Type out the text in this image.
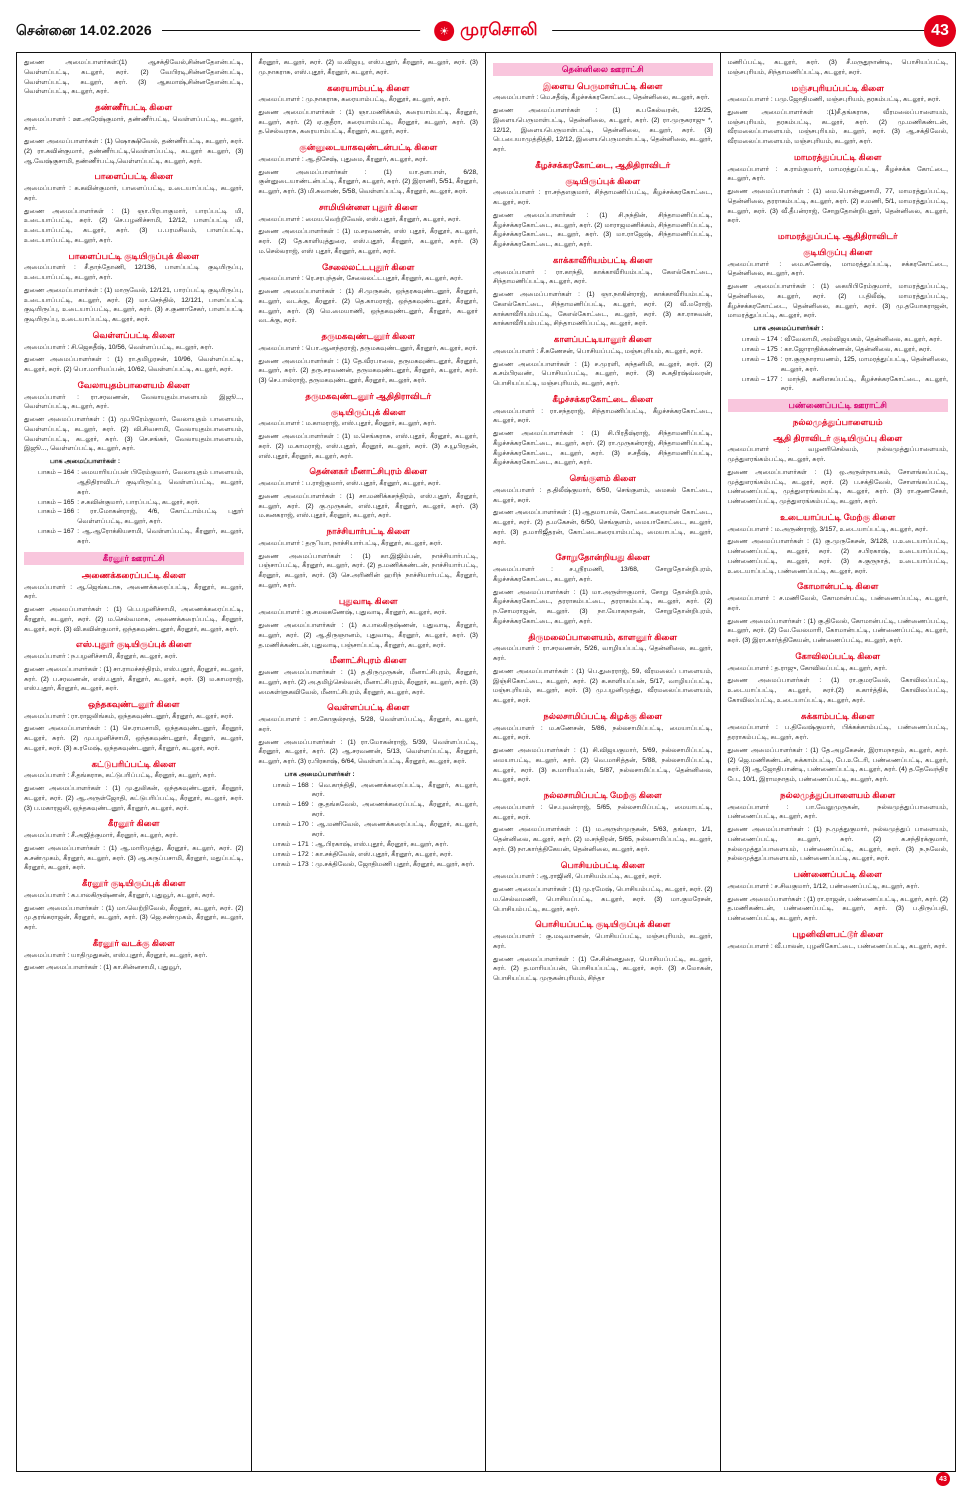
சென்னை 14.02.2026	☀ முரசொலி	43
துணை அமைப்பாளர்கள்:(1) ஆசக்திவேல்,சின்னதேஎன்பட்டி, வெள்ளப்பட்டி, கடலூர், சுரர். (2) வேபிரடி,சின்னதேஎன்பட்டி, வெள்ளப்பட்டி, கடலூர், சுரர். (3) ஆகமாஷ்,சின்னதேஎன்பட்டி, வெள்ளப்பட்டி, கடலூர், சுரர்.
தண்ணீர்பட்டி கிளை
அமைப்பாளர் : ஊ.அரேஷ்குமார், தண்ணீர்பட்டி, வெள்ளப்பட்டி, கடலூர், சுரர்.
துணை அமைப்பாளர்கள் : (1) ஷொக்ஷிவேல், தண்ணீர்பட்டி, கடலூர், சுரர். (2) ரா.கவின்குமார், தண்ணீர்பட்டி,வெள்ளப்பட்டி, கடலூர் கடலூர், (3) ஆ.வேஷ்குசாமி, தண்ணீர்பட்டி,வெள்ளப்பட்டி, கடலூர், சுரர்.
பாளைப்பட்டி கிளை
அமைப்பாளர் : க.கவின்குமார், பாளைப்பட்டி, உடையாப்பட்டி, கடலூர், சுரர்.
துணை அமைப்பாளர்கள் : (1) ஞா.பிரபாகுமார், பாரப்பட்டி மி, உடையாப்பட்டி, சுரர். (2) செ.பழனிச்சாமி, 12/12, பாளப்பட்டி மி, உடையாப்பட்டி, கடலூர், சுரர். (3) ப.பரமசிவம், பாளப்பட்டி, உடையாப்பட்டி, கடலூர், சுரர்.
பாளைப்பட்டி குடியிருப்புக் கிளை
அமைப்பாளர் : சீ.தாந்தோணி, 12/136, பாளப்பட்டி குடியிருப்பு, உடையாப்பட்டி, கடலூர், சுரர்.
துணை அமைப்பாளர்கள் : (1) மாருவேல், 12/121, பாரப்பட்டி குடியிருப்பு, உடையாப்பட்டி, கடலூர், சுரர். (2) மா.செந்தில், 12/121, பாளப்பட்டி குடியிருப்பு, உடையாப்பட்டி, கடலூர், சுரர். (3) ச.குணாசேகர், பாளப்பட்டி குடியிருப்பு, உடையாப்பட்டி, கடலூர், சுரர்.
வெள்ளப்பட்டி கிளை
அமைப்பாளர் : சி.ஜெகதீஷ், 10/56, வெள்ளப்பட்டி, கடலூர், சுரர்.
துணை அமைப்பாளர்கள் : (1) ரா.தமிழரசன், 10/96, வெள்ளப்பட்டி, கடலூர், சுரர். (2) பொ.மாரியப்பன், 10/62, வெள்ளப்பட்டி, கடலூர், சுரர்.
வேலாயுதம்பாளையம் கிளை
அமைப்பாளர் : ரா.சரவணன், வேலாயுதம்பாளையம் இஜூ..., வெள்ளப்பட்டி, கடலூர், சுரர்.
துணை அமைப்பாளர்கள் : (1) மு.பிரேம்குமார், வேலாயுதம் பாளையம், வெள்ளப்பட்டி, கடலூர், சுரர். (2) வி.சிவசாமி, வேலாயுதம்பாளையம், வெள்ளப்பட்டி, கடலூர், சுரர். (3) செ.சங்கர், வேலாயுதம்பாளையம், இஜூ..., வெள்ளப்பட்டி, கடலூர், சுரர்.
பாக அமைப்பாளர்கள் :
பாகம் – 164 : மையாரியப்பன் பிரேம்குமார், வேலாயுதம் பாளையம், ஆதிதிராவிடர் குடியிருப்பு, வெள்ளப்பட்டி, கடலூர், சுரர்.
பாகம் – 165 : ச.கவின்குமார், பாரப்பட்டி, கடலூர், சுரர்.
பாகம் – 166 : ரா.மோகன்ராஜ், 4/6, கோட்டாம்பட்டி புதூர் வெள்ளப்பட்டி, கடலூர், சுரர்.
பாகம் – 167 : ஆ.ஆரோக்கியசாமி, வெள்ளப்பட்டி, கீரனூர், கடலூர், சுரர்.
கீரனூர் ஊராட்சி
அணைக்கரைப்பட்டி கிளை
அமைப்பாளர் : ஆ.ஜெங்கடாசு, அணைக்கரைப்பட்டி, கீரனூர், கடலூர், சுரர்.
துணை அமைப்பாளர்கள் : (1) பெ.பழனிச்சாமி, அணைக்கரைப்பட்டி, கீரனூர், கடலூர், சுரர். (2) ம.செல்வமாசு, அணைக்கரைப்பட்டி, கீரனூர், கடலூர், சுரர். (3) வி.கவின்குமார், ஒந்தகவுண்டனூர், கீரனூர், கடலூர், சுரர்.
எஸ்.புதூர் குடியிருப்புக் கிளை
அமைப்பாளர் : ந.பழனிச்சாமி, கீரனூர், கடலூர், சுரர்.
துணை அமைப்பாளர்கள் : (1) சா.ராமச்சந்திரம், எஸ்.புதூர், கீரனூர், கடலூர், சுரர். (2) ப.சரவணன், எஸ்.புதூர், கீரனூர், கடலூர், சுரர். (3) ம.காமராஜ், எஸ்.புதூர், கீரனூர், கடலூர், சுரர்.
ஒந்தகவுண்டனூர் கிளை
அமைப்பாளர் : ரா.ராஜலிங்கம், ஒந்தகவுண்டனூர், கீரனூர், கடலூர், சுரர்.
துணை அமைப்பாளர்கள் : (1) செ.ராமசாமி, ஒந்தகவுண்டனூர், கீரனூர், கடலூர், சுரர். (2) மு.பழனிச்சாமி, ஒந்தகவுண்டனூர், கீரனூர், கடலூர், கடலூர், சுரர். (3) க.ரமேஷ், ஒந்தகவுண்டனூர், கீரனூர், கடலூர், சுரர்.
கட்டுபரிப்பட்டி கிளை
அமைப்பாளர் : சீ.தங்கராசு, கட்டுபரிப்பட்டி, கீரனூர், கடலூர், சுரர்.
துணை அமைப்பாளர்கள் : (1) மு.துலிகன், ஒந்தகவுண்டனூர், கீரனூர், கடலூர், சுரர். (2) ஆ.அருள்ஜோதி, கட்டுபரிப்பட்டி, கீரனூர், கடலூர், சுரர். (3) ப.மகாரஜலி, ஒந்தகவுண்டனூர், கீரனூர், கடலூர், சுரர்.
கீரனூர் கிளை
அமைப்பாளர் : சீ.அஜித்குமார், கீரனூர், கடலூர், சுரர்.
துணை அமைப்பாளர்கள் : (1) ஆ.மாரிமுத்து, கீரனூர், கடலூர், சுரர். (2) சு.சண்முகம், கீரனூர், கடலூர், சுரர். (3) ஆ.கருப்பசாமி, கீரனூர், மதுப்பட்டி, கீரனூர், கடலூர், சுரர்.
கீரனூர் குடியிருப்புக் கிளை
அமைப்பாளர் : க.பாலகிருஷ்ணன், கீரனூர், புதுவூர், கடலூர், சுரர்.
துணை அமைப்பாளர்கள் : (1) மா.வெற்றிவேல், கீரனூர், கடலூர், சுரர். (2) மு.தரங்கராஜன், கீரனூர், கடலூர், சுரர். (3) ஜெ.சண்முகம், கீரனூர், கடலூர், சுரர்.
கீரனூர் வடக்கு கிளை
அமைப்பாளர் : யாதிமுதுகன், எஸ்.புதூர், கீரனூர், கடலூர், சுரர்.
துணை அமைப்பாளர்கள் : (1) கா.சின்னசாமி, புதுவூர்,
கீரனூர், கடலூர், சுரர். (2) ம.விஜயு, எஸ்.புதூர், கீரனூர், கடலூர், சுரர். (3) மு.நாகராசு, எஸ்.புதூர், கீரனூர், கடலூர், சுரர்.
கரையாம்பட்டி கிளை
அமைப்பாளர் : மு.நாகராசு, கரையாம்பட்டி, கீரனூர், கடலூர், சுரர்.
துணை அமைப்பாளர்கள் : (1) ஞா.மணிக்கம், கரையாம்பட்டி, கீரனூர், கடலூர், சுரர். (2) ஏ.குதீரா, கரையாம்பட்டி, கீரனூர், கடலூர், சுரர். (3) த.செல்வராசு, கரையாம்பட்டி, கீரனூர், கடலூர், சுரர்.
குன்னுடையாகவுண்டன்பட்டி கிளை
அமைப்பாளர் : ஆ.திசேஷ், புதுமை, கீரனூர், கடலூர், சுரர்.
துணை அமைப்பாளர்கள் : (1) யா.தளபாள், 6/28, குன்னுடையாண்டன்பட்டி, கீரனூர், கடலூர், சுரர். (2) இராணி, 5/51, கீரனூர், கடலூர், சுரர். (3) மி.சுவாண், 5/58, வெள்ளப்பட்டி, கீரனூர், கடலூர், சுரர்.
சாமியின்னள புதூர் கிளை
அமைப்பாளர் : மைய.வெற்றிவேல், எஸ்.புதூர், கீரனூர், கடலூர், சுரர்.
துணை அமைப்பாளர்கள் : (1) ம.சரவணன், எஸ் புதூர், கீரனூர், கடலூர், சுரர். (2) தே.காளியுத்துரை, எஸ்.புதூர், கீரனூர், கடலூர், சுரர். (3) ம.செல்லராஜ், எஸ் புதூர், கீரனூர், கடலூர், சுரர்.
சேலைலட்டபுதூர் கிளை
அமைப்பாளர் : ரெ.சரபுந்தன், சேலைலட்டபுதூர், கீரனூர், கடலூர், சுரர்.
துணை அமைப்பாளர்கள் : (1) சி.முருகன், ஒந்தரகவுண்டனூர், கீரனூர், கடலூர், வடக்கு, கீரனூர். (2) தெ.காமராஜ், ஒந்தகவுண்டனூர், கீரனூர், கடலூர், சுரர். (3) மெ.மையாணி, ஒந்தகவுண்டனூர், கீரனூர், கடலூர் வடக்கு, சுரர்.
தருமகவுண்டனூர் கிளை
அமைப்பாளர் : பொ.ஆனந்தராஜ், தருமகவுண்டனூர், கீரனூர், கடலூர், சுரர்.
துணை அமைப்பாளர்கள் : (1) தே.வீரபாலை, தருமகவுண்டனூர், கீரனூர், கடலூர், சுரர். (2) தரு.சரவணன், தருமகவுண்டனூர், கீரனூர், கடலூர், சுரர். (3) செ.பால்ராஜ், தருமகவுண்டனூர், கீரனூர், கடலூர், சுரர்.
தருமகவுண்டனூர் ஆதிதிராவிடர்
குடியிருப்புக் கிளை
அமைப்பாளர் : ம.காமராஜ், எஸ்.புதூர், கீரனூர், கடலூர், சுரர்.
துணை அமைப்பாளர்கள் : (1) ம.செங்கராசு, எஸ்.புதூர், கீரனூர், கடலூர், சுரர். (2) ம.காமராஜ், எஸ்.புதூர், கீரனூர், கடலூர், சுரர். (3) ச.யூபிரதன், எஸ்.புதூர், கீரனூர், கடலூர், சுரர்.
தென்னகர் மீனாட்சிபுரம் கிளை
அமைப்பாளர் : ப.ராஜ்குமார், எஸ்.புதூர், கீரனூர், கடலூர், சுரர்.
துணை அமைப்பாளர்கள் : (1) சா.மணிக்கசந்திரம், எஸ்.புதூர், கீரனூர், கடலூர், சுரர். (2) கு.முருகன், எஸ்.புதூர், கீரனூர், கடலூர், சுரர். (3) ம.கனகராஜ், எஸ்.புதூர், கீரனூர், கடலூர், சுரர்.
நாச்சியார்பட்டி கிளை
அமைப்பாளர் : தருியா, நாச்சியார்பட்டி, கீரனூர், கடலூர், சுரர்.
துணை அமைப்பாளர்கள் : (1) கா.இஜிம்பன், நாச்சியார்பட்டி, பஞ்சாப்பட்டி, கீரனூர், கடலூர், சுரர். (2) த.மணிக்கண்டன், நாச்சியார்பட்டி, கீரனூர், கடலூர், சுரர். (3) செ.அரிணின் ஹரிந் நாச்சியார்பட்டி, கீரனூர், கடலூர், சுரர்.
புதுவாடி கிளை
அமைப்பாளர் : கு.சமலகணேஷ், புதுவாடி, கீரனூர், கடலூர், சுரர்.
துணை அமைப்பாளர்கள் : (1) க.பாலகிருஷ்ணன், புதுவாடி, கீரனூர், கடலூர், சுரர். (2) ஆ.திருஞானம், புதுவாடி, கீரனூர், கடலூர், சுரர். (3) த.மணிக்கண்டன், புதுவாடி, பஞ்சாப்பட்டி, கீரனூர், கடலூர், சுரர்.
மீனாட்சிபுரம் கிளை
துணை அமைப்பாளர்கள் : (1) த.திருமுருகன், மீனாட்சிபுரம், கீரனூர், கடலூர், சுரர். (2) அ.தமிழ்செல்வன், மீனாட்சிபுரம், கீரனூர், கடலூர், சுரர். (3) மைகள்ளுகவிவேல், மீனாட்சிபுரம், கீரனூர், கடலூர், சுரர்.
வெள்ளப்பட்டி கிளை
அமைப்பாளர் : சா.கோகுல்நாத், 5/28, வெள்ளப்பட்டி, கீரனூர், கடலூர், சுரர்.
துணை அமைப்பாளர்கள் : (1) ரா.மோகன்ராஜ், 5/39, வெள்ளப்பட்டி, கீரனூர், கடலூர், சுரர். (2) ஆ.சரவணன், 5/13, வெள்ளப்பட்டி, கீரனூர், கடலூர், சுரர். (3) ர.பிரகாஷ், 6/64, வெள்ளப்பட்டி, கீரனூர், கடலூர், சுரர்.
பாக அமைப்பாளர்கள் :
பாகம் – 168 : வெ.காந்திதி, அணைக்கரைப்பட்டி, கீரனூர், கடலூர், சுரர்.
பாகம் – 169 : கு.தங்கவேல், அணைக்கரைப்பட்டி, கீரனூர், கடலூர், சுரர்.
பாகம் – 170 : ஆ.மணிவேல், அணைக்கரைப்பட்டி, கீரனூர், கடலூர், சுரர்.
பாகம் – 171 : ஆ.பிரகாஷ், எஸ்.புதூர், கீரனூர், கடலூர், சுரர்.
பாகம் – 172 : கா.சக்திவேல், எஸ்.புதூர், கீரனூர், கடலூர், சுரர்.
பாகம் – 173 : மு.சக்திவேல், ஜோதிமணி புதூர், கீரனூர், கடலூர், சுரர்.
தென்னிலை ஊராட்சி
இளைய பெருமாள்பட்டி கிளை
அமைப்பாளர் : மெ.சதீஷ், கீழச்சக்கரகோட்டை, தென்னிலை, கடலூர், சுரர்.
துணை அமைப்பாளர்கள் : (1) க.பகேல்வரன், 12/25, இளையபெருமாள்பட்டி, தென்னிலை, கடலூர், சுரர். (2) ரா.முருகராஜு *, 12/12, இளையபெருமாள்பட்டி, தென்னிலை, கடலூர், சுரர். (3) பெ.பையாமுத்தித்தி, 12/12, இளையபெருமாள்பட்டி, தென்னிலை, கடலூர், சுரர்.
கீழச்சக்கரகோட்டை, ஆதிதிராவிடர்
குடியிருப்புக் கிளை
அமைப்பாளர் : ரா.சந்தஎகுமார், சிந்தாமணிப்பட்டி, கீழச்சக்கரகோட்டை, கடலூர், சுரர்.
துணை அமைப்பாளர்கள் : (1) சி.நந்தின், சிந்தாமணிப்பட்டி, கீழச்சக்கரகோட்டை, கடலூர், சுரர். (2) மாராஜமணிக்கம், சிந்தாமணிப்பட்டி, கீழச்சக்கரகோட்டை, கடலூர், சுரர். (3) மா.ராஜேஷ், சிந்தாமணிப்பட்டி, கீழச்சக்கரகோட்டை, கடலூர், சுரர்.
காக்காவீரியம்பட்டி கிளை
அமைப்பாளர் : ரா.காந்தி, காக்காவீரியம்பட்டி, கேஎல்கோட்டை, சிந்தாமணிப்பட்டி, கடலூர், சுரர்.
துணை அமைப்பாளர்கள் : (1) ஞா.நாகின்ராஜ், காக்காவீரியம்பட்டி, கேஎல்கோட்டை, சிந்தாமணிப்பட்டி, கடலூர், சுரர். (2) வீ.மரோஜ், காக்காவீரியம்பட்டி, கேஎல்கோட்டை, கடலூர், சுரர். (3) கா.ராசுவன், காக்காவீரியம்பட்டி, சிந்தாமணிப்பட்டி, கடலூர், சுரர்.
காளப்பட்டியானூர் கிளை
அமைப்பாளர் : சீ.கணேசன், பொசியப்பட்டி, மஞ்சபுரியம், கடலூர், சுரர்.
துணை அமைப்பாளர்கள் : (1) ச.முரளி, கந்தனிமி, கடலூர், சுரர். (2) க.சம்பிரவண், பொசியப்பட்டி, கடலூர், சுரர். (3) சு.கதிரஷ்வ்வரன், பொசியப்பட்டி, மஞ்சபுரியம், கடலூர், சுரர்.
கீழச்சக்கரகோட்டை கிளை
அமைப்பாளர் : ரா.சந்தராஜ், சிந்தாமணிப்பட்டி, கீழச்சக்கரகோட்டை, கடலூர், சுரர்.
துணை அமைப்பாளர்கள் : (1) சி.பிரதீஷ்ராஜ், சிந்தாமணிப்பட்டி, கீழச்சக்கரகோட்டை, கடலூர், சுரர். (2) ரா.முருகன்ராஜ், சிந்தாமணிப்பட்டி, கீழச்சக்கரகோட்டை, கடலூர், சுரர். (3) ச.சதீஷ், சிந்தாமணிப்பட்டி, கீழச்சக்கரகோட்டை, கடலூர், சுரர்.
செங்குளம் கிளை
அமைப்பாளர் : த.திலீஷ்குமார், 6/50, செங்குளம், மைகல் கோட்டை, கடலூர், சுரர்.
துணை அமைப்பாளர்கள் : (1) ஆதமாபால், கோட்டைகரையான் கோட்டை, கடலூர், சுரர். (2) த.மகேசன், 6/50, செங்குளம், மையாகோட்டை, கடலூர், சுரர். (3) த.மாரிஜீதரன், கோட்டைகரையாம்பட்டி, மையாபட்டி, கடலூர், சுரர்.
சோறுதோன்றியது கிளை
அமைப்பாளர் : ச.ஸ்ரீரமணி, 13/68, சோறுதோன்றிபுரம், கீழச்சக்கரகோட்டை, கடலூர், சுரர்.
துணை அமைப்பாளர்கள் : (1) மா.அருள்ஈகுமார், சோறு தோன்றிபுரம், கீழச்சக்கரகோட்டை, தரராகம்பட்டை, தரராகம்பட்டி, கடலூர், சுரர். (2) ந.சோமராஜன், கடலூர். (3) நா.யோகநாதன், சோறுதோன்றிபுரம், கீழச்சக்கரகோட்டை, கடலூர், சுரர்.
திருமலைப்பாளையம், காளனூர் கிளை
அமைப்பாளர் : ரா.சரவணன், 5/26, வாழியப்பட்டி, தென்னிலை, கடலூர், சுரர்.
துணை அமைப்பாளர்கள் : (1) பெ.துரைராஜ், 59, வீரமலைப் பாளையம், இஞ்சிகோட்டை, கடலூர், சுரர். (2) க.காளியப்பன், 5/17, வாழியப்பட்டி, மஞ்சபுரியம், கடலூர், சுரர். (3) மு.பழனிமுத்து, வீரமலைப்பாளையம், கடலூர், சுரர்.
நல்லசாமிப்பட்டி கிழக்கு கிளை
அமைப்பாளர் : ம.கணேசன், 5/86, நல்லசாமிப்பட்டி, மையாப்பட்டி, கடலூர், சுரர்.
துணை அமைப்பாளர்கள் : (1) சி.விஜயகுமார், 5/69, நல்லசாமிப்பட்டி, மையாபட்டி, கடலூர், சுரர். (2) வெ.மாசித்தன், 5/88, நல்லசாமிப்பட்டி, கடலூர், சுரர். (3) சு.மாரியப்பன், 5/87, நல்லசாமிப்பட்டி, தென்னிலை, கடலூர், சுரர்.
நல்லசாமிப்பட்டி மேற்கு கிளை
அமைப்பாளர் : செ.புவன்ராஜ், 5/65, நல்லசாமிப்பட்டி, மையாபட்டி, கடலூர், சுரர்.
துணை அமைப்பாளர்கள் : (1) ம.அருள்முருகன், 5/63, தங்கரா, 1/1, தென்னிலை, கடலூர், சுரர். (2) ம.சந்திரன், 5/65, நல்லசாமிப்பட்டி, கடலூர், சுரர். (3) நா.கார்த்திகேயன், தென்னிலை, கடலூர், சுரர்.
பொசியம்பட்டி கிளை
அமைப்பாளர் : ஆ.ராஜினி, பொசியம்பட்டி, கடலூர், சுரர்.
துணை அமைப்பாளர்கள் : (1) மு.ரமேஷ், பொசியம்பட்டி, கடலூர், சுரர். (2) ம.செல்வமணி, பொசியப்பட்டி, கடலூர், சுரர். (3) மா.குமரேசன், பொசியம்பட்டி, கடலூர், சுரர்.
பொசியப்பட்டி குடியிருப்புக் கிளை
அமைப்பாளர் : கு.மடிவாணன், பொசியப்பட்டி, மஞ்சபுரியம், கடலூர், சுரர்.
துணை அமைப்பாளர்கள் : (1) சே.சின்னதுரை, பொசியப்பட்டி, கடலூர், சுரர். (2) த.மாரியப்பன், பொசியப்பட்டி, கடலூர், சுரர். (3) ச.மோகன், பொசியப்பட்டி முருகன்புரியம், சிந்தா
மணிப்பட்டி, கடலூர், சுரர். (3) சீ.மருதுநாண்டி, பொசியப்பட்டி, மஞ்சபுரியம், சிந்தாமணிப்பட்டி, கடலூர், சுரர்.
மஞ்சபுரியப்பட்டி கிளை
அமைப்பாளர் : பமு.ஜோதிமணி, மஞ்சபுரியம், தரகம்பட்டி, கடலூர், சுரர்.
துணை அமைப்பாளர்கள் :(1)சீ.தங்கராசு, வீரமலைப்பாளையம், மஞ்சபுரியம், தரகம்பட்டி, கடலூர், சுரர். (2) மு.மணிகண்டன், வீரமலைப்பாளையம், மஞ்சபுரியம், கடலூர், சுரர். (3) ஆ.சக்திவேல், வீரமலைப்பாளையம், மஞ்சபுரியம், கடலூர், சுரர்.
மாமரத்துப்பட்டி கிளை
அமைப்பாளர் : க.ராம்குமார், மாமரத்துப்பட்டி, கீழச்சக்க கோட்டை, கடலூர், சுரர்.
துணை அமைப்பாளர்கள் : (1) மை.பொன்னுசாமி, 77, மாமரத்துப்பட்டி, தென்னிலை, தரராகம்பட்டி, கடலூர், சுரர். (2) ச.மணி, 5/1, மாமரத்துப்பட்டி, கடலூர், சுரர். (3) வீ.தீபன்ராஜ், சோறுதோன்றிபுதூர், தென்னிலை, கடலூர், சுரர்.
மாமரத்துப்பட்டி ஆதிதிராவிடர்
குடியிருப்பு கிளை
அமைப்பாளர் : மை.கணேஷ், மாமரத்துப்பட்டி, சக்கரகோட்டை, தென்னிலை, கடலூர், சுரர்.
துணை அமைப்பாளர்கள் : (1) கையிபிரேம்குமார், மாமரத்துப்பட்டி, தென்னிலை, கடலூர், சுரர். (2) ப.திலீஷ், மாமரத்துப்பட்டி, கீழச்சக்கரகோட்டை, தென்னிலை, கடலூர், சுரர். (3) மு.தயோகராஜன், மாமரத்துப்பட்டி, கடலூர், சுரர்.
பாக அமைப்பாளர்கள் :
பாகம் – 174 : வீவேலாமி, அம்விஜயகம், தென்னிலை, கடலூர், சுரர்.
பாகம் – 175 : கா.ஜோராதிக்கண்ணன், தென்னிலை, கடலூர், சுரர்.
பாகம் – 176 : ரா.குருநாராயணம், 125, மாமரத்துப்பட்டி, தென்னிலை, கடலூர், சுரர்.
பாகம் – 177 : மாந்தி, கனிஎகப்பட்டி, கீழச்சக்கரகோட்டை, கடலூர், சுரர்.
பண்ணைப்பட்டி ஊராட்சி
நல்லமுத்துப்பாளையம்
ஆதி திராவிடர் குடியிருப்பு கிளை
அமைப்பாளர் : வழனரிசெல்வம், நல்லமுத்துப்பாளையம், முத்துஎரங்கம்பட்டி, கடலூர், சுரர்.
துணை அமைப்பாளர்கள் : (1) ஒ.அருள்நாயகம், சோளங்கப்பட்டி, முத்துஎரங்கம்பட்டி, கடலூர், சுரர். (2) ப.சக்திவேல், சோளங்கப்பட்டி, பண்ணைப்பட்டி, முத்துஎரங்கம்பட்டி, கடலூர், சுரர். (3) ரா.குணசேகர், பண்ணைப்பட்டி, முத்துஎரங்கம்பட்டி, கடலூர், சுரர்.
உடையாப்பட்டி மேற்கு கிளை
அமைப்பாளர் : ம.அருண்ராஜ், 3/157, உடையாப்பட்டி, கடலூர், சுரர்.
துணை அமைப்பாளர்கள் : (1) கு.முருகேசன், 3/128, ப.உடையாப்பட்டி, பண்ணைப்பட்டி, கடலூர், சுரர். (2) ச.பிரகாஷ், உடையாப்பட்டி, பண்ணைப்பட்டி, கடலூர், சுரர். (3) சு.குருநாத், உடையாப்பட்டி, உடையாப்பட்டி, பண்ணைப்பட்டி, கடலூர், சுரர்.
கோமான்பட்டி கிளை
அமைப்பாளர் : ச.மணிவேல், கோமான்பட்டி, பண்ணைப்பட்டி, கடலூர், சுரர்.
துணை அமைப்பாளர்கள் : (1) கு.திவேல், கோமான்பட்டி, பண்ணைப்பட்டி, கடலூர், சுரர். (2) வே.வேலமாரி, கோமான்பட்டி, பண்ணைப்பட்டி, கடலூர், சுரர். (3) இரா.கார்த்திகேயன், பண்ணைப்பட்டி, கடலூர், சுரர்.
கோவிலப்பட்டி கிளை
அமைப்பாளர் : த.ராஜு, கோவிலப்பட்டி, கடலூர், சுரர்.
துணை அமைப்பாளர்கள் : (1) ரா.குமரவேல், கோவிலப்பட்டி, உடையாப்பட்டி, கடலூர், சுரர்.(2) க.கார்த்திக், கோவிலப்பட்டி, கோவிலப்பட்டி, உடையாப்பட்டி, கடலூர், சுரர்.
சுக்காம்பட்டி கிளை
அமைப்பாளர் : ப.திவேஷ்குமார், பிக்கக்காம்பட்டி, பண்ணைப்பட்டி, தரராகம்பட்டி, கடலூர், சுரர்.
துணை அமைப்பாளர்கள் : (1) தே.அழகேசன், இராமநாதம், கடலூர், சுரர். (2) ஜெ.மணிகண்டன், சுக்காம்பட்டி, பே.உடேரி, பண்ணைப்பட்டி, கடலூர், சுரர். (3) ஆ.ஜோதிபாண்டி, பண்ணைப்பட்டி, கடலூர், சுரர். (4) த.தேவேந்திர பே., 10/1, இராமநாதம், பண்ணைப்பட்டி, கடலூர், சுரர்.
நல்லமுத்துப்பாளையம் கிளை
அமைப்பாளர் : பா.வேலுமுருகன், நல்லமுத்துப்பாளையம், பண்ணைப்பட்டி, கடலூர், சுரர்.
துணை அமைப்பாளர்கள் : (1) ந.முத்துகுமார், நல்லமுத்துப் பாளையம், பண்ணைப்பட்டி, கடலூர், சுரர். (2) க.சந்திரக்குமார், நல்லமுத்துப்பாளையம், பண்ணைப்பட்டி, கடலூர், சுரர். (3) ந.நவேல், நல்லமுத்துப்பாளையம், பண்ணைப்பட்டி, கடலூர், சுரர்.
பண்ணைப்பட்டி கிளை
அமைப்பாளர் : ச.சிவகுமார், 1/12, பண்ணைப்பட்டி, கடலூர், சுரர்.
துணை அமைப்பாளர்கள் : (1) ரா.ராஜன், பண்ணைப்பட்டி, கடலூர், சுரர். (2) த.மணிகண்டன், பண்ணைப்பட்டி, கடலூர், சுரர். (3) ப.திருப்பதி, பண்ணைப்பட்டி, கடலூர், சுரர்.
புழனிவிளபட்டூர் கிளை
அமைப்பாளர் : வீ.பாலன், புழனிகோட்டை, பண்ணைப்பட்டி, கடலூர், சுரர்.
43
